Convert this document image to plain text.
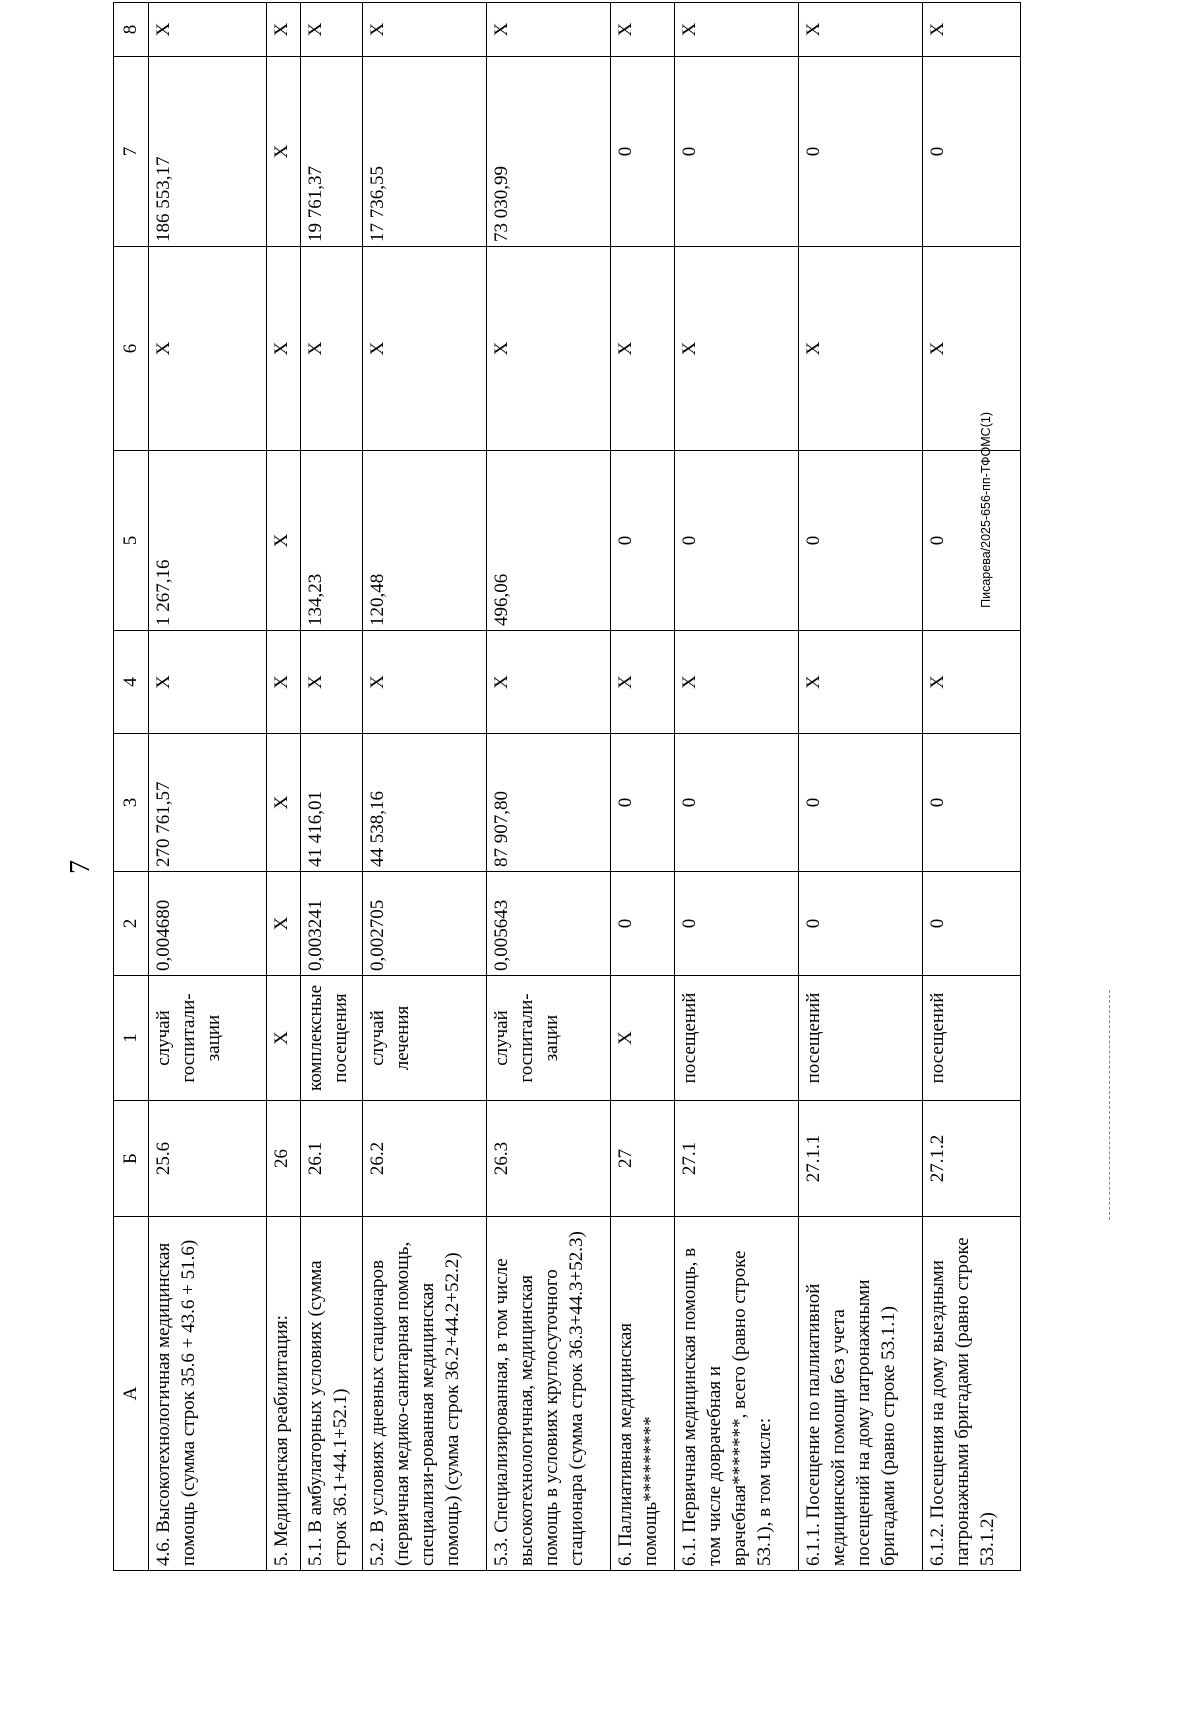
7
Писарева/2025-656-пп-ТФОМС(1)
А	Б	1	2	3	4	5	6	7	8
4.6. Высокотехнологичная медицинская помощь (сумма строк 35.6 + 43.6 + 51.6)	25.6	случай госпитали-зации	0,004680	270 761,57	X	1 267,16	X	186 553,17	X
5. Медицинская реабилитация:	26	X	X	X	X	X	X	X	X
5.1. В амбулаторных условиях (сумма строк 36.1+44.1+52.1)	26.1	комплексные посещения	0,003241	41 416,01	X	134,23	X	19 761,37	X
5.2. В условиях дневных стационаров (первичная медико-санитарная помощь, специализи-рованная медицинская помощь) (сумма строк 36.2+44.2+52.2)	26.2	случай лечения	0,002705	44 538,16	X	120,48	X	17 736,55	X
5.3. Специализированная, в том числе высокотехнологичная, медицинская помощь в условиях круглосуточного стационара (сумма строк 36.3+44.3+52.3)	26.3	случай госпитали-зации	0,005643	87 907,80	X	496,06	X	73 030,99	X
6. Паллиативная медицинская помощь*********	27	X	0	0	X	0	X	0	X
6.1. Первичная медицинская помощь, в том числе доврачебная и врачебная*******, всего (равно строке 53.1), в том числе:	27.1	посещений	0	0	X	0	X	0	X
6.1.1. Посещение по паллиативной медицинской помощи без учета посещений на дому патронажными бригадами (равно строке 53.1.1)	27.1.1	посещений	0	0	X	0	X	0	X
6.1.2. Посещения на дому выездными патронажными бригадами (равно строке 53.1.2)	27.1.2	посещений	0	0	X	0	X	0	X
